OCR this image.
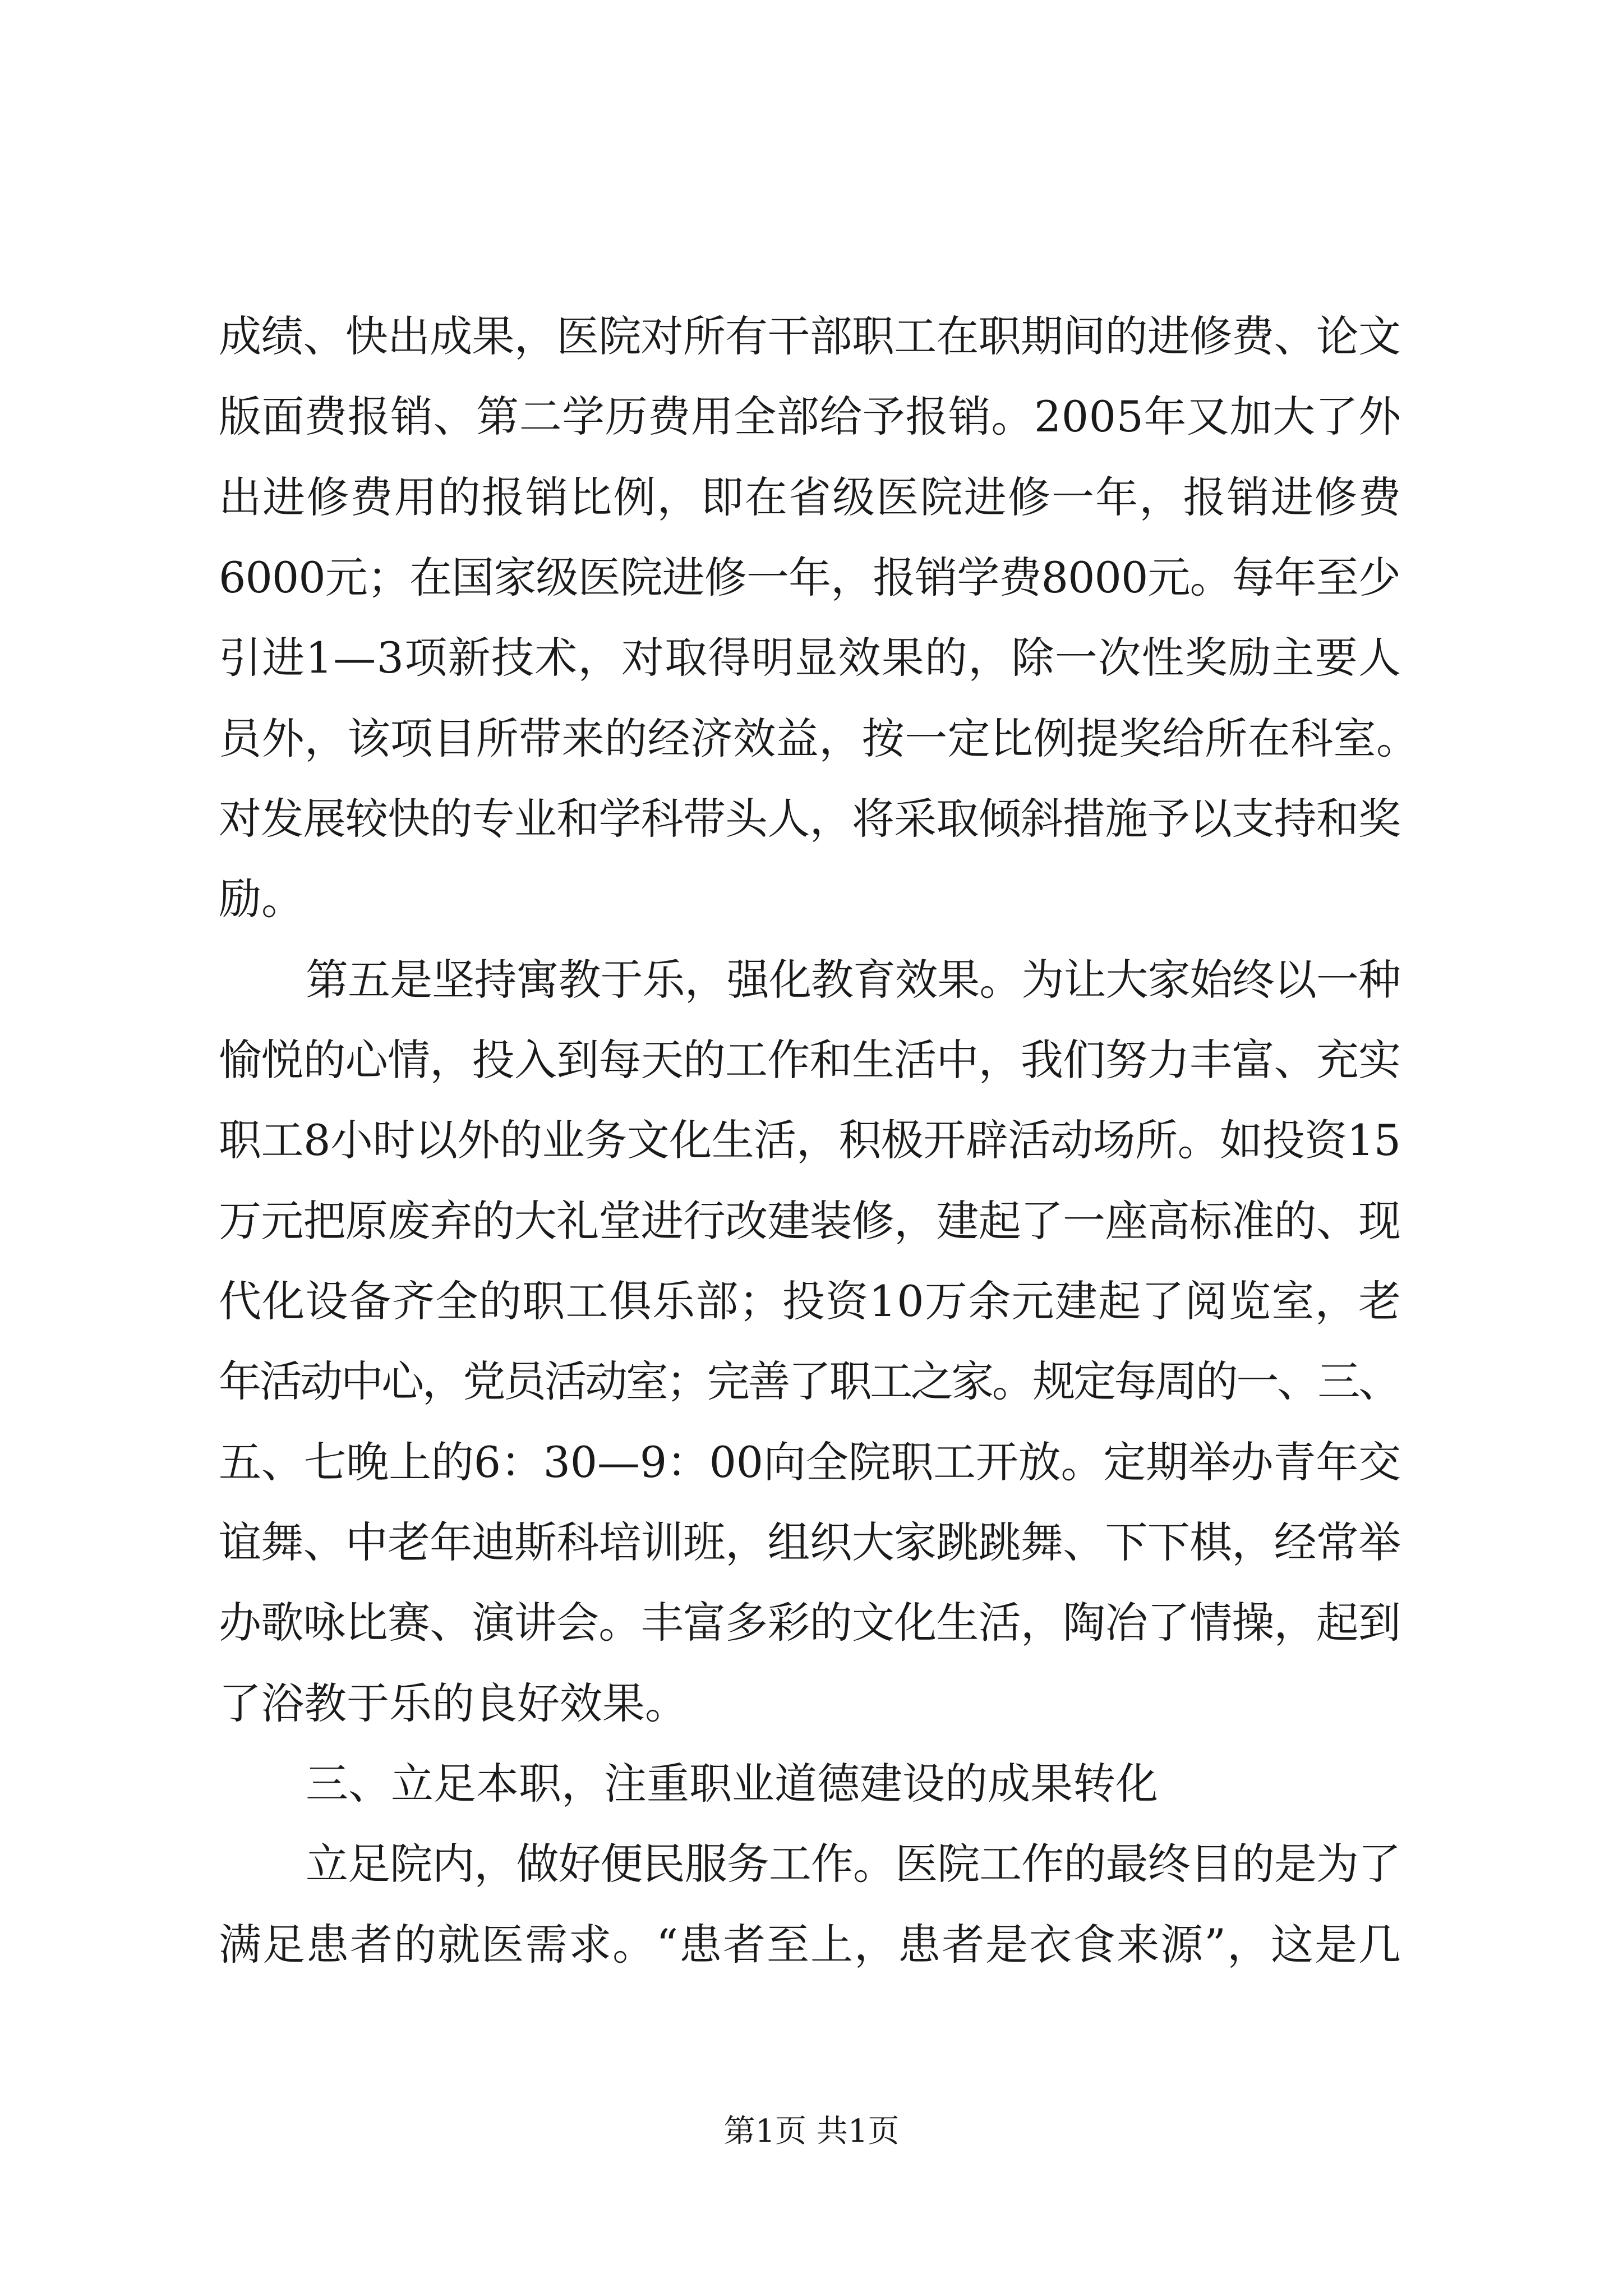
成绩、快出成果，医院对所有干部职工在职期间的进修费、论文
版面费报销、第二学历费用全部给予报销。2005年又加大了外
出进修费用的报销比例，即在省级医院进修一年，报销进修费
6000元；在国家级医院进修一年，报销学费8000元。每年至少
引进1—3项新技术，对取得明显效果的，除一次性奖励主要人
员外，该项目所带来的经济效益，按一定比例提奖给所在科室。
对发展较快的专业和学科带头人，将采取倾斜措施予以支持和奖
励。
第五是坚持寓教于乐，强化教育效果。为让大家始终以一种
愉悦的心情，投入到每天的工作和生活中，我们努力丰富、充实
职工8小时以外的业务文化生活，积极开辟活动场所。如投资15
万元把原废弃的大礼堂进行改建装修，建起了一座高标准的、现
代化设备齐全的职工俱乐部；投资10万余元建起了阅览室，老
年活动中心，党员活动室；完善了职工之家。规定每周的一、三、
五、七晚上的6：30—9：00向全院职工开放。定期举办青年交
谊舞、中老年迪斯科培训班，组织大家跳跳舞、下下棋，经常举
办歌咏比赛、演讲会。丰富多彩的文化生活，陶冶了情操，起到
了浴教于乐的良好效果。
三、立足本职，注重职业道德建设的成果转化
立足院内，做好便民服务工作。医院工作的最终目的是为了
满足患者的就医需求。“患者至上，患者是衣食来源”，这是几
第1页 共1页
